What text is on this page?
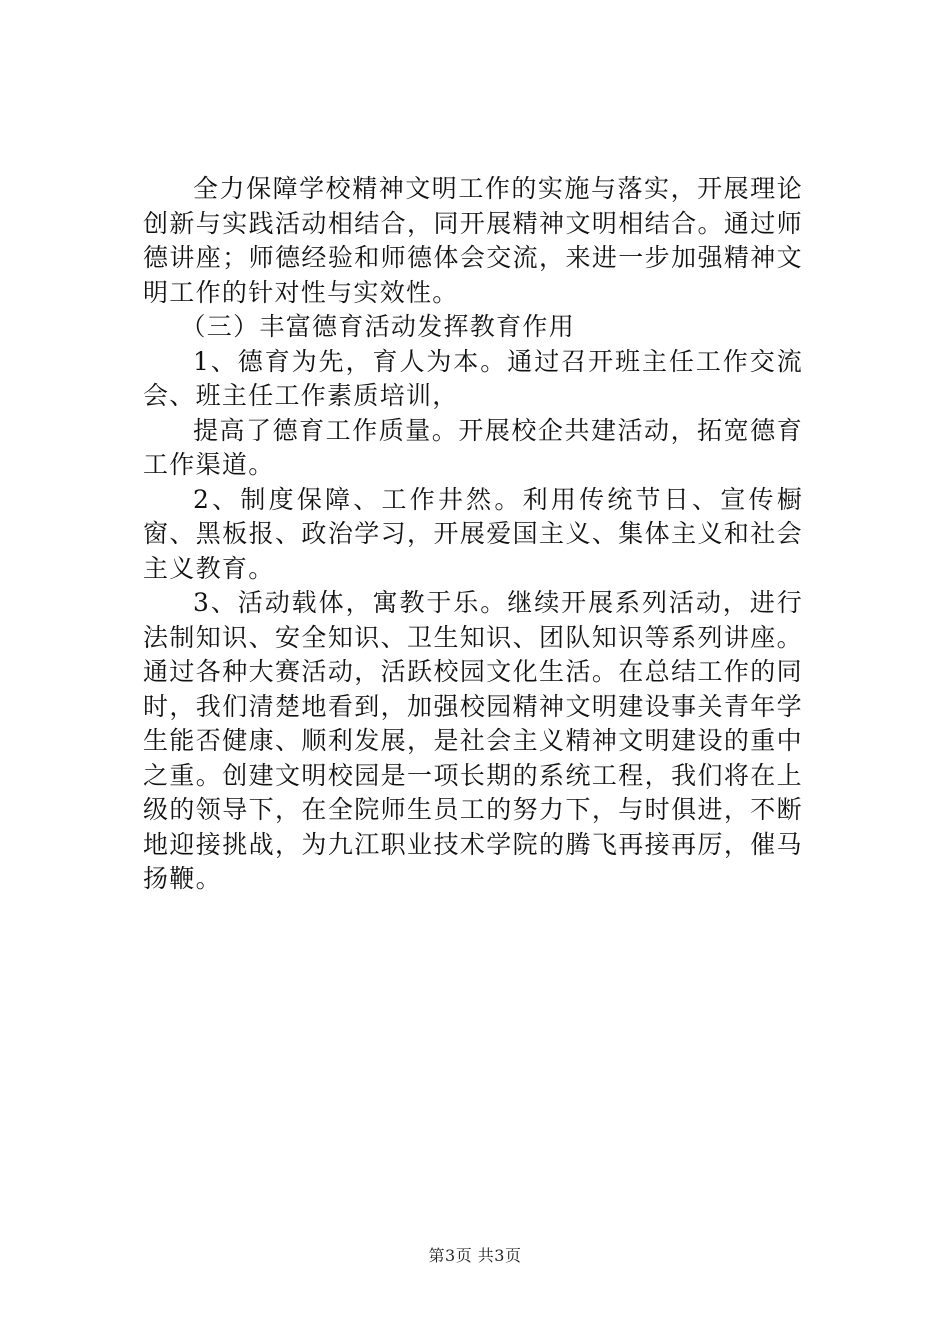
全力保障学校精神文明工作的实施与落实，开展理论创新与实践活动相结合，同开展精神文明相结合。通过师德讲座；师德经验和师德体会交流，来进一步加强精神文明工作的针对性与实效性。

（三）丰富德育活动发挥教育作用

1、德育为先，育人为本。通过召开班主任工作交流会、班主任工作素质培训，

提高了德育工作质量。开展校企共建活动，拓宽德育工作渠道。

2、制度保障、工作井然。利用传统节日、宣传橱窗、黑板报、政治学习，开展爱国主义、集体主义和社会主义教育。

3、活动载体，寓教于乐。继续开展系列活动，进行法制知识、安全知识、卫生知识、团队知识等系列讲座。通过各种大赛活动，活跃校园文化生活。在总结工作的同时，我们清楚地看到，加强校园精神文明建设事关青年学生能否健康、顺利发展，是社会主义精神文明建设的重中之重。创建文明校园是一项长期的系统工程，我们将在上级的领导下，在全院师生员工的努力下，与时俱进，不断地迎接挑战，为九江职业技术学院的腾飞再接再厉，催马扬鞭。

第3页 共3页
